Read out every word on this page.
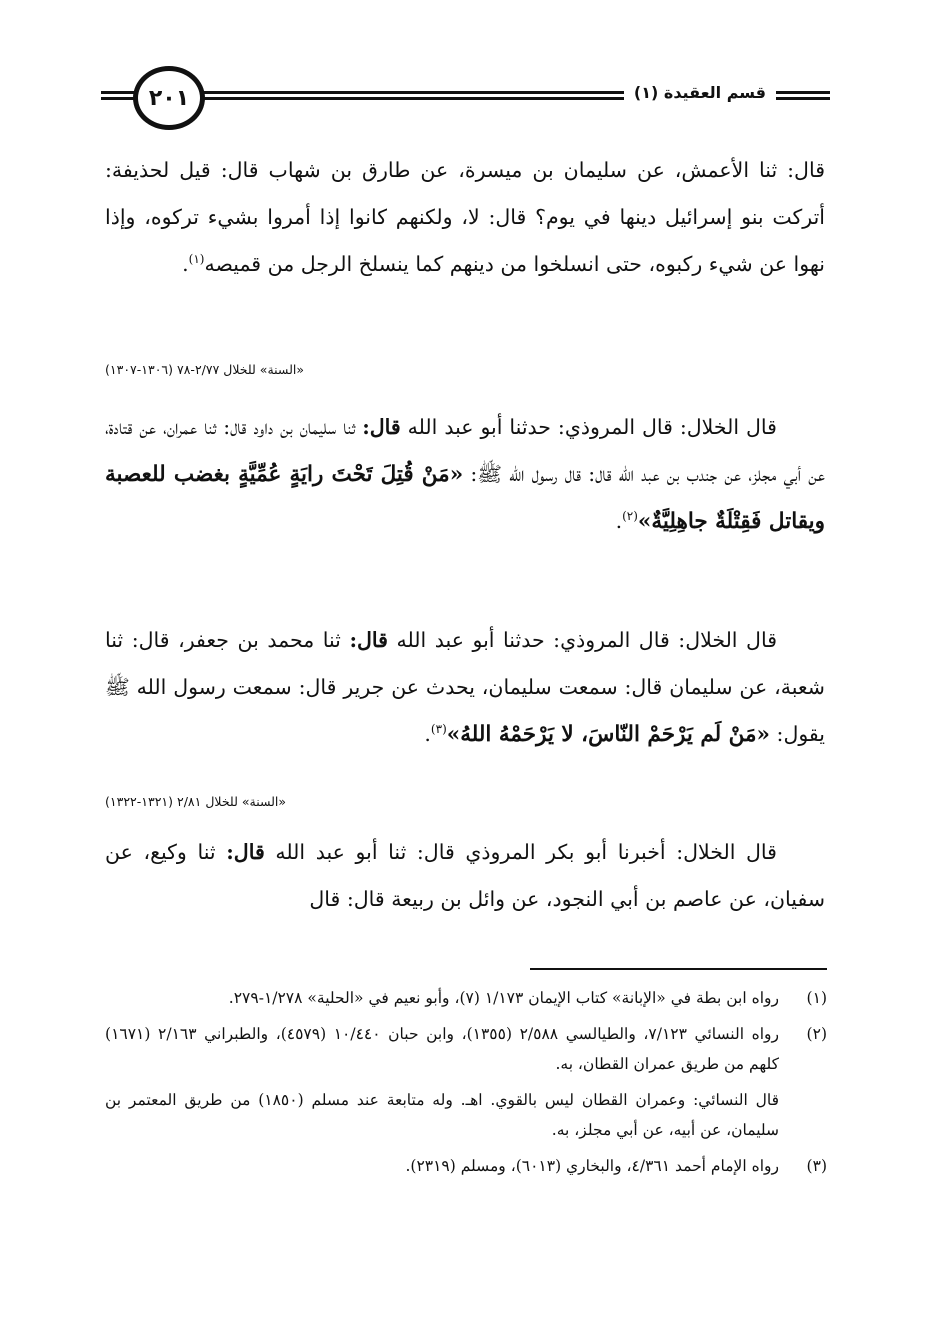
قسم العقيدة (١)
٢٠١

قال: ثنا الأعمش، عن سليمان بن ميسرة، عن طارق بن شهاب قال: قيل لحذيفة: أتركت بنو إسرائيل دينها في يوم؟ قال: لا، ولكنهم كانوا إذا أمروا بشيء تركوه، وإذا نهوا عن شيء ركبوه، حتى انسلخوا من دينهم كما ينسلخ الرجل من قميصه$^{(١)}$.

«السنة» للخلال ٢/٧٧-٧٨ (١٣٠٦-١٣٠٧)

قال الخلال: قال المروذي: حدثنا أبو عبد الله قال: ثنا سليمان بن داود قال: ثنا عمران، عن قتادة، عن أبي مجلز، عن جندب بن عبد الله قال: قال رسول الله ﷺ: «مَنْ قُتِلَ تَحْتَ رايَةٍ عُمِّيَّةٍ بغضب للعصبة ويقاتل فَقِتْلَةٌ جاهِلِيَّةٌ»$^{(٢)}$.

قال الخلال: قال المروذي: حدثنا أبو عبد الله قال: ثنا محمد بن جعفر، قال: ثنا شعبة، عن سليمان قال: سمعت سليمان، يحدث عن جرير قال: سمعت رسول الله ﷺ يقول: «مَنْ لَم يَرْحَمْ النّاسَ، لا يَرْحَمْهُ اللهُ»$^{(٣)}$.

«السنة» للخلال ٢/٨١ (١٣٢١-١٣٢٢)

قال الخلال: أخبرنا أبو بكر المروذي قال: ثنا أبو عبد الله قال: ثنا وكيع، عن سفيان، عن عاصم بن أبي النجود، عن وائل بن ربيعة قال: قال

(١)
رواه ابن بطة في «الإبانة» كتاب الإيمان ١/١٧٣ (٧)، وأبو نعيم في «الحلية» ١/٢٧٨-٢٧٩.
(٢)
رواه النسائي ٧/١٢٣، والطيالسي ٢/٥٨٨ (١٣٥٥)، وابن حبان ١٠/٤٤٠ (٤٥٧٩)، والطبراني ٢/١٦٣ (١٦٧١) كلهم من طريق عمران القطان، به.
قال النسائي: وعمران القطان ليس بالقوي. اهـ. وله متابعة عند مسلم (١٨٥٠) من طريق المعتمر بن سليمان، عن أبيه، عن أبي مجلز، به.
(٣)
رواه الإمام أحمد ٤/٣٦١، والبخاري (٦٠١٣)، ومسلم (٢٣١٩).
